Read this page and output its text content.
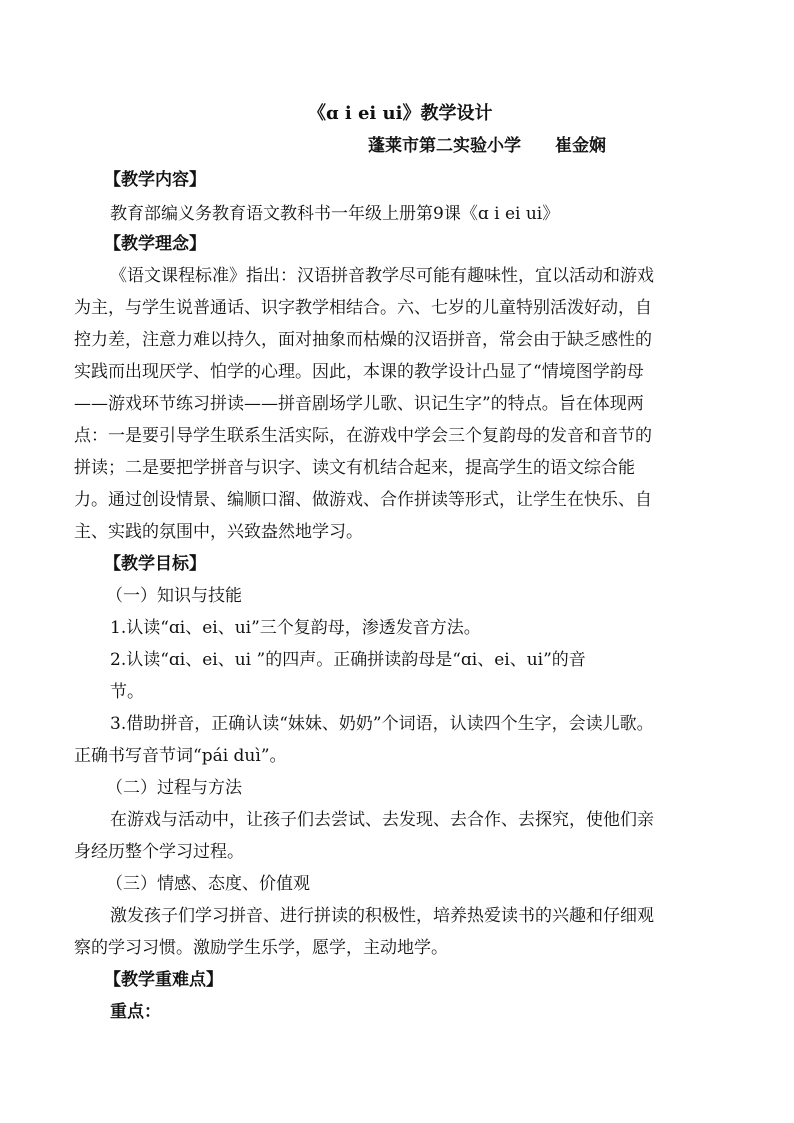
《ɑ i ei ui》教学设计
蓬莱市第二实验小学　　崔金娴
【教学内容】
教育部编义务教育语文教科书一年级上册第9课《ɑ i ei ui》
【教学理念】
《语文课程标准》指出：汉语拼音教学尽可能有趣味性，宜以活动和游戏
为主，与学生说普通话、识字教学相结合。六、七岁的儿童特别活泼好动，自
控力差，注意力难以持久，面对抽象而枯燥的汉语拼音，常会由于缺乏感性的
实践而出现厌学、怕学的心理。因此，本课的教学设计凸显了“情境图学韵母
——游戏环节练习拼读——拼音剧场学儿歌、识记生字”的特点。旨在体现两
点：一是要引导学生联系生活实际，在游戏中学会三个复韵母的发音和音节的
拼读；二是要把学拼音与识字、读文有机结合起来，提高学生的语文综合能
力。通过创设情景、编顺口溜、做游戏、合作拼读等形式，让学生在快乐、自
主、实践的氛围中，兴致盎然地学习。
【教学目标】
（一）知识与技能
1.认读“ɑi、ei、ui”三个复韵母，渗透发音方法。
2.认读“ɑi、ei、ui ”的四声。正确拼读韵母是“ɑi、ei、ui”的音
节。
3.借助拼音，正确认读“妹妹、奶奶”个词语，认读四个生字，会读儿歌。
正确书写音节词“pái duì”。
（二）过程与方法
在游戏与活动中，让孩子们去尝试、去发现、去合作、去探究，使他们亲
身经历整个学习过程。
（三）情感、态度、价值观
激发孩子们学习拼音、进行拼读的积极性，培养热爱读书的兴趣和仔细观
察的学习习惯。激励学生乐学，愿学，主动地学。
【教学重难点】
重点：
